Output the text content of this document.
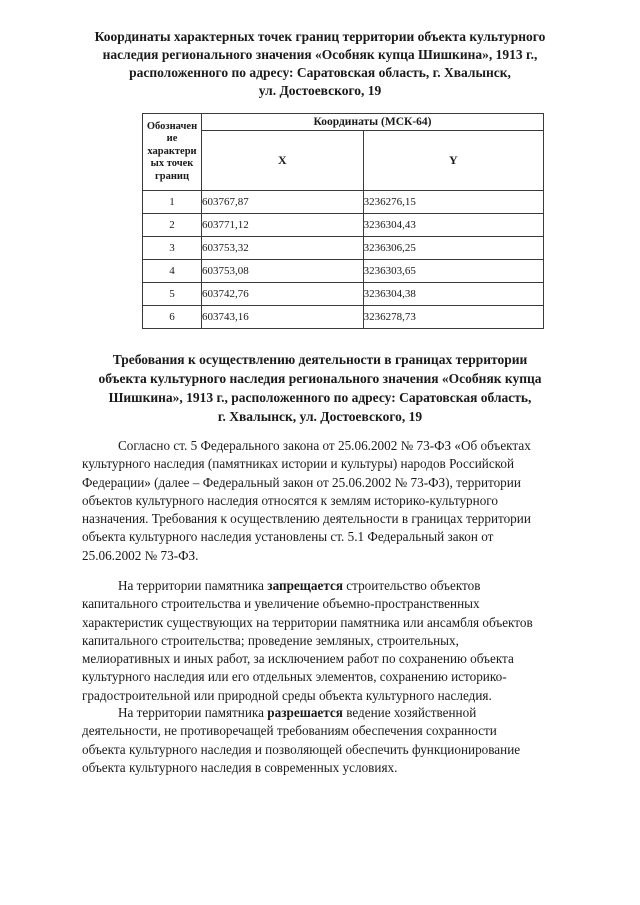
Координаты характерных точек границ территории объекта культурного
наследия регионального значения «Особняк купца Шишкина», 1913 г.,
расположенного по адресу: Саратовская область, г. Хвалынск,
ул. Достоевского, 19
Обозначен
ие
характери
ых точек
границ	Координаты (МСК-64)	
	X	Y
1	603767,87	3236276,15
2	603771,12	3236304,43
3	603753,32	3236306,25
4	603753,08	3236303,65
5	603742,76	3236304,38
6	603743,16	3236278,73
Требования к осуществлению деятельности в границах территории
объекта культурного наследия регионального значения «Особняк купца
Шишкина», 1913 г., расположенного по адресу: Саратовская область,
г. Хвалынск, ул. Достоевского, 19
Согласно ст. 5 Федерального закона от 25.06.2002 № 73-ФЗ «Об объектах
культурного наследия (памятниках истории и культуры) народов Российской
Федерации» (далее – Федеральный закон от 25.06.2002 № 73-ФЗ), территории
объектов культурного наследия относятся к землям историко-культурного
назначения. Требования к осуществлению деятельности в границах территории
объекта культурного наследия установлены ст. 5.1 Федеральный закон от
25.06.2002 № 73-ФЗ.
На территории памятника запрещается строительство объектов
капитального строительства и увеличение объемно-пространственных
характеристик существующих на территории памятника или ансамбля объектов
капитального строительства; проведение земляных, строительных,
мелиоративных и иных работ, за исключением работ по сохранению объекта
культурного наследия или его отдельных элементов, сохранению историко-
градостроительной или природной среды объекта культурного наследия.
На территории памятника разрешается ведение хозяйственной
деятельности, не противоречащей требованиям обеспечения сохранности
объекта культурного наследия и позволяющей обеспечить функционирование
объекта культурного наследия в современных условиях.
